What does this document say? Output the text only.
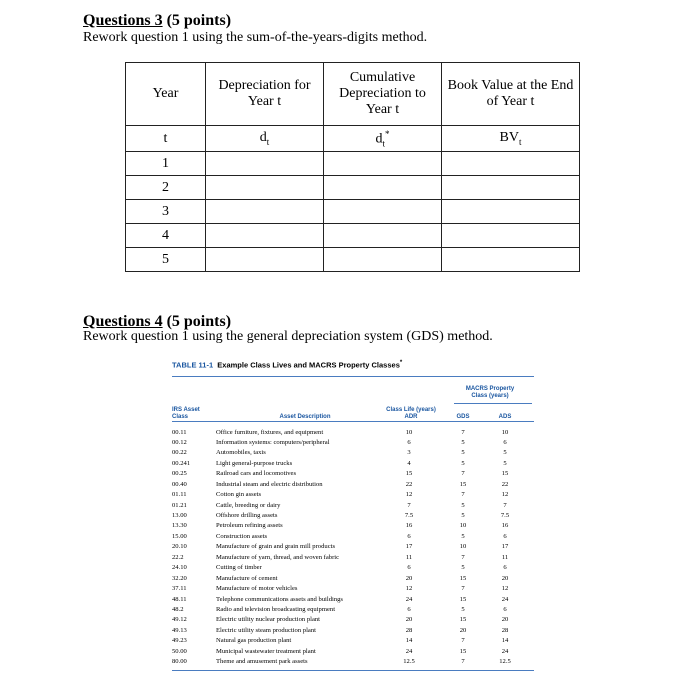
Questions 3 (5 points)
Rework question 1 using the sum-of-the-years-digits method.
Year	Depreciation for Year t	Cumulative Depreciation to Year t	Book Value at the End of Year t
t	$d_t$	$d_t^*$	$BV_t$
1			
2			
3			
4			
5			
Questions 4 (5 points)
Rework question 1 using the general depreciation system (GDS) method.
TABLE 11-1 Example Class Lives and MACRS Property Classes*
MACRS Property
Class (years)
IRS Asset
Class	Asset Description
Class Life (years)
ADR	GDS	ADS
00.11	Office furniture, fixtures, and equipment	10	7	10
00.12	Information systems: computers/peripheral	6	5	6
00.22	Automobiles, taxis	3	5	5
00.241	Light general-purpose trucks	4	5	5
00.25	Railroad cars and locomotives	15	7	15
00.40	Industrial steam and electric distribution	22	15	22
01.11	Cotton gin assets	12	7	12
01.21	Cattle, breeding or dairy	7	5	7
13.00	Offshore drilling assets	7.5	5	7.5
13.30	Petroleum refining assets	16	10	16
15.00	Construction assets	6	5	6
20.10	Manufacture of grain and grain mill products	17	10	17
22.2	Manufacture of yarn, thread, and woven fabric	11	7	11
24.10	Cutting of timber	6	5	6
32.20	Manufacture of cement	20	15	20
37.11	Manufacture of motor vehicles	12	7	12
48.11	Telephone communications assets and buildings	24	15	24
48.2	Radio and television broadcasting equipment	6	5	6
49.12	Electric utility nuclear production plant	20	15	20
49.13	Electric utility steam production plant	28	20	28
49.23	Natural gas production plant	14	7	14
50.00	Municipal wastewater treatment plant	24	15	24
80.00	Theme and amusement park assets	12.5	7	12.5
